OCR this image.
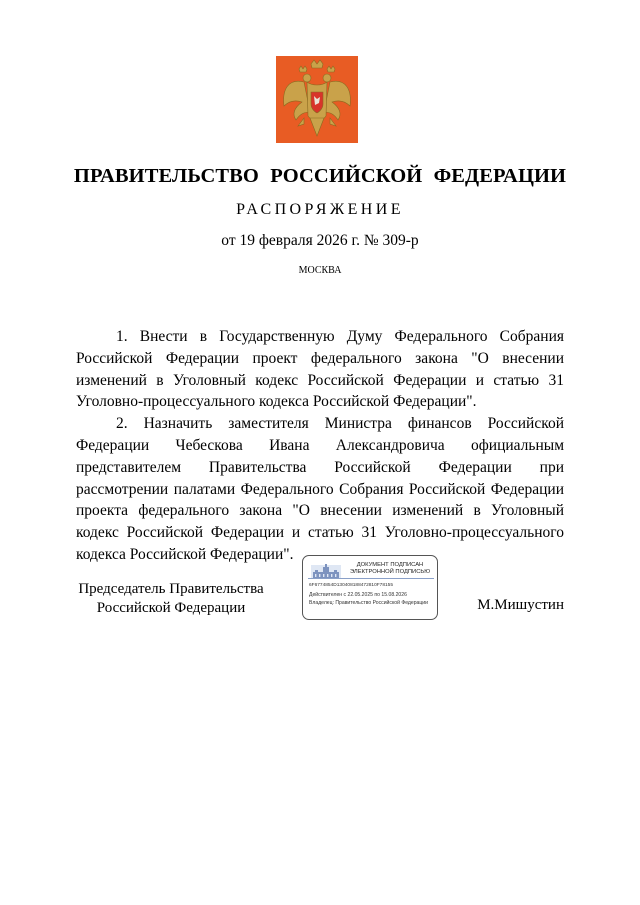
ПРАВИТЕЛЬСТВО РОССИЙСКОЙ ФЕДЕРАЦИИ
РАСПОРЯЖЕНИЕ
от 19 февраля 2026 г. № 309-р
МОСКВА

1. Внести в Государственную Думу Федерального Собрания Российской Федерации проект федерального закона "О внесении изменений в Уголовный кодекс Российской Федерации и статью 31 Уголовно-процессуального кодекса Российской Федерации".

2. Назначить заместителя Министра финансов Российской Федерации Чебескова Ивана Александровича официальным представителем Правительства Российской Федерации при рассмотрении палатами Федерального Собрания Российской Федерации проекта федерального закона "О внесении изменений в Уголовный кодекс Российской Федерации и статью 31 Уголовно-процессуального кодекса Российской Федерации".

Председатель Правительства
Российской Федерации
ДОКУМЕНТ ПОДПИСАН
ЭЛЕКТРОННОЙ ПОДПИСЬЮ
6F6774854D130408188472810F78155
Действителен с 22.05.2025 по 15.08.2026
Владелец: Правительство Российской Федерации	М.Мишустин
